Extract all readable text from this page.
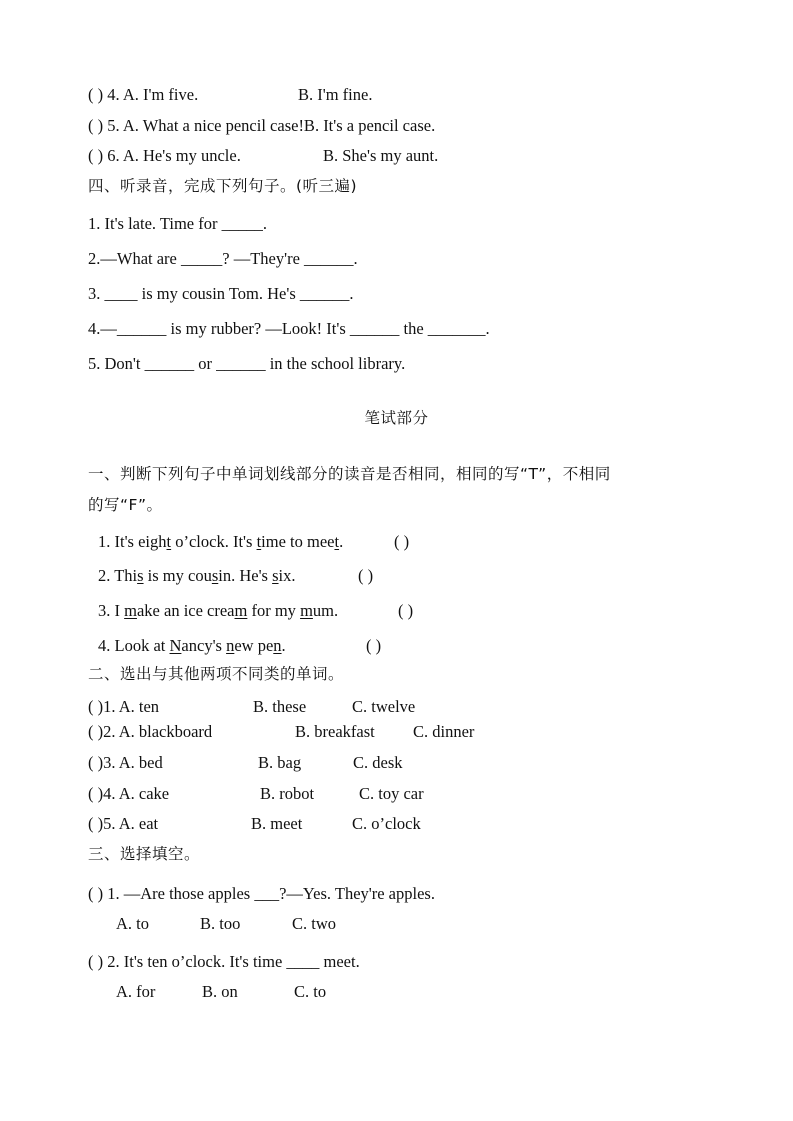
( ) 4. A. I'm five.	B. I'm fine.
( ) 5. A. What a nice pencil case!B. It's a pencil case.
( ) 6. A. He's my uncle.	B. She's my aunt.
四、听录音，完成下列句子。(听三遍)
1. It's late. Time for _____.
2.—What are _____? —They're ______.
3. ____ is my cousin Tom. He's ______.
4.—______ is my rubber? —Look! It's ______ the _______.
5. Don't ______ or ______ in the school library.
笔试部分
一、判断下列句子中单词划线部分的读音是否相同，相同的写“T”，不相同
的写“F”。
1. It's eight o’clock. It's time to meet.	( )
2. This is my cousin. He's six.	( )
3. I make an ice cream for my mum.	( )
4. Look at Nancy's new pen.	( )
二、选出与其他两项不同类的单词。
( )1. A. ten	B. these	C. twelve
( )2. A. blackboard	B. breakfast C. dinner
( )3. A. bed	B. bag	C. desk
( )4. A. cake	B. robot	C. toy car
( )5. A. eat	B. meet	C. o’clock
三、选择填空。
( ) 1. —Are those apples ___?—Yes. They're apples.
A. to	B. too	C. two
( ) 2. It's ten o’clock. It's time ____ meet.
A. for	B. on	C. to
